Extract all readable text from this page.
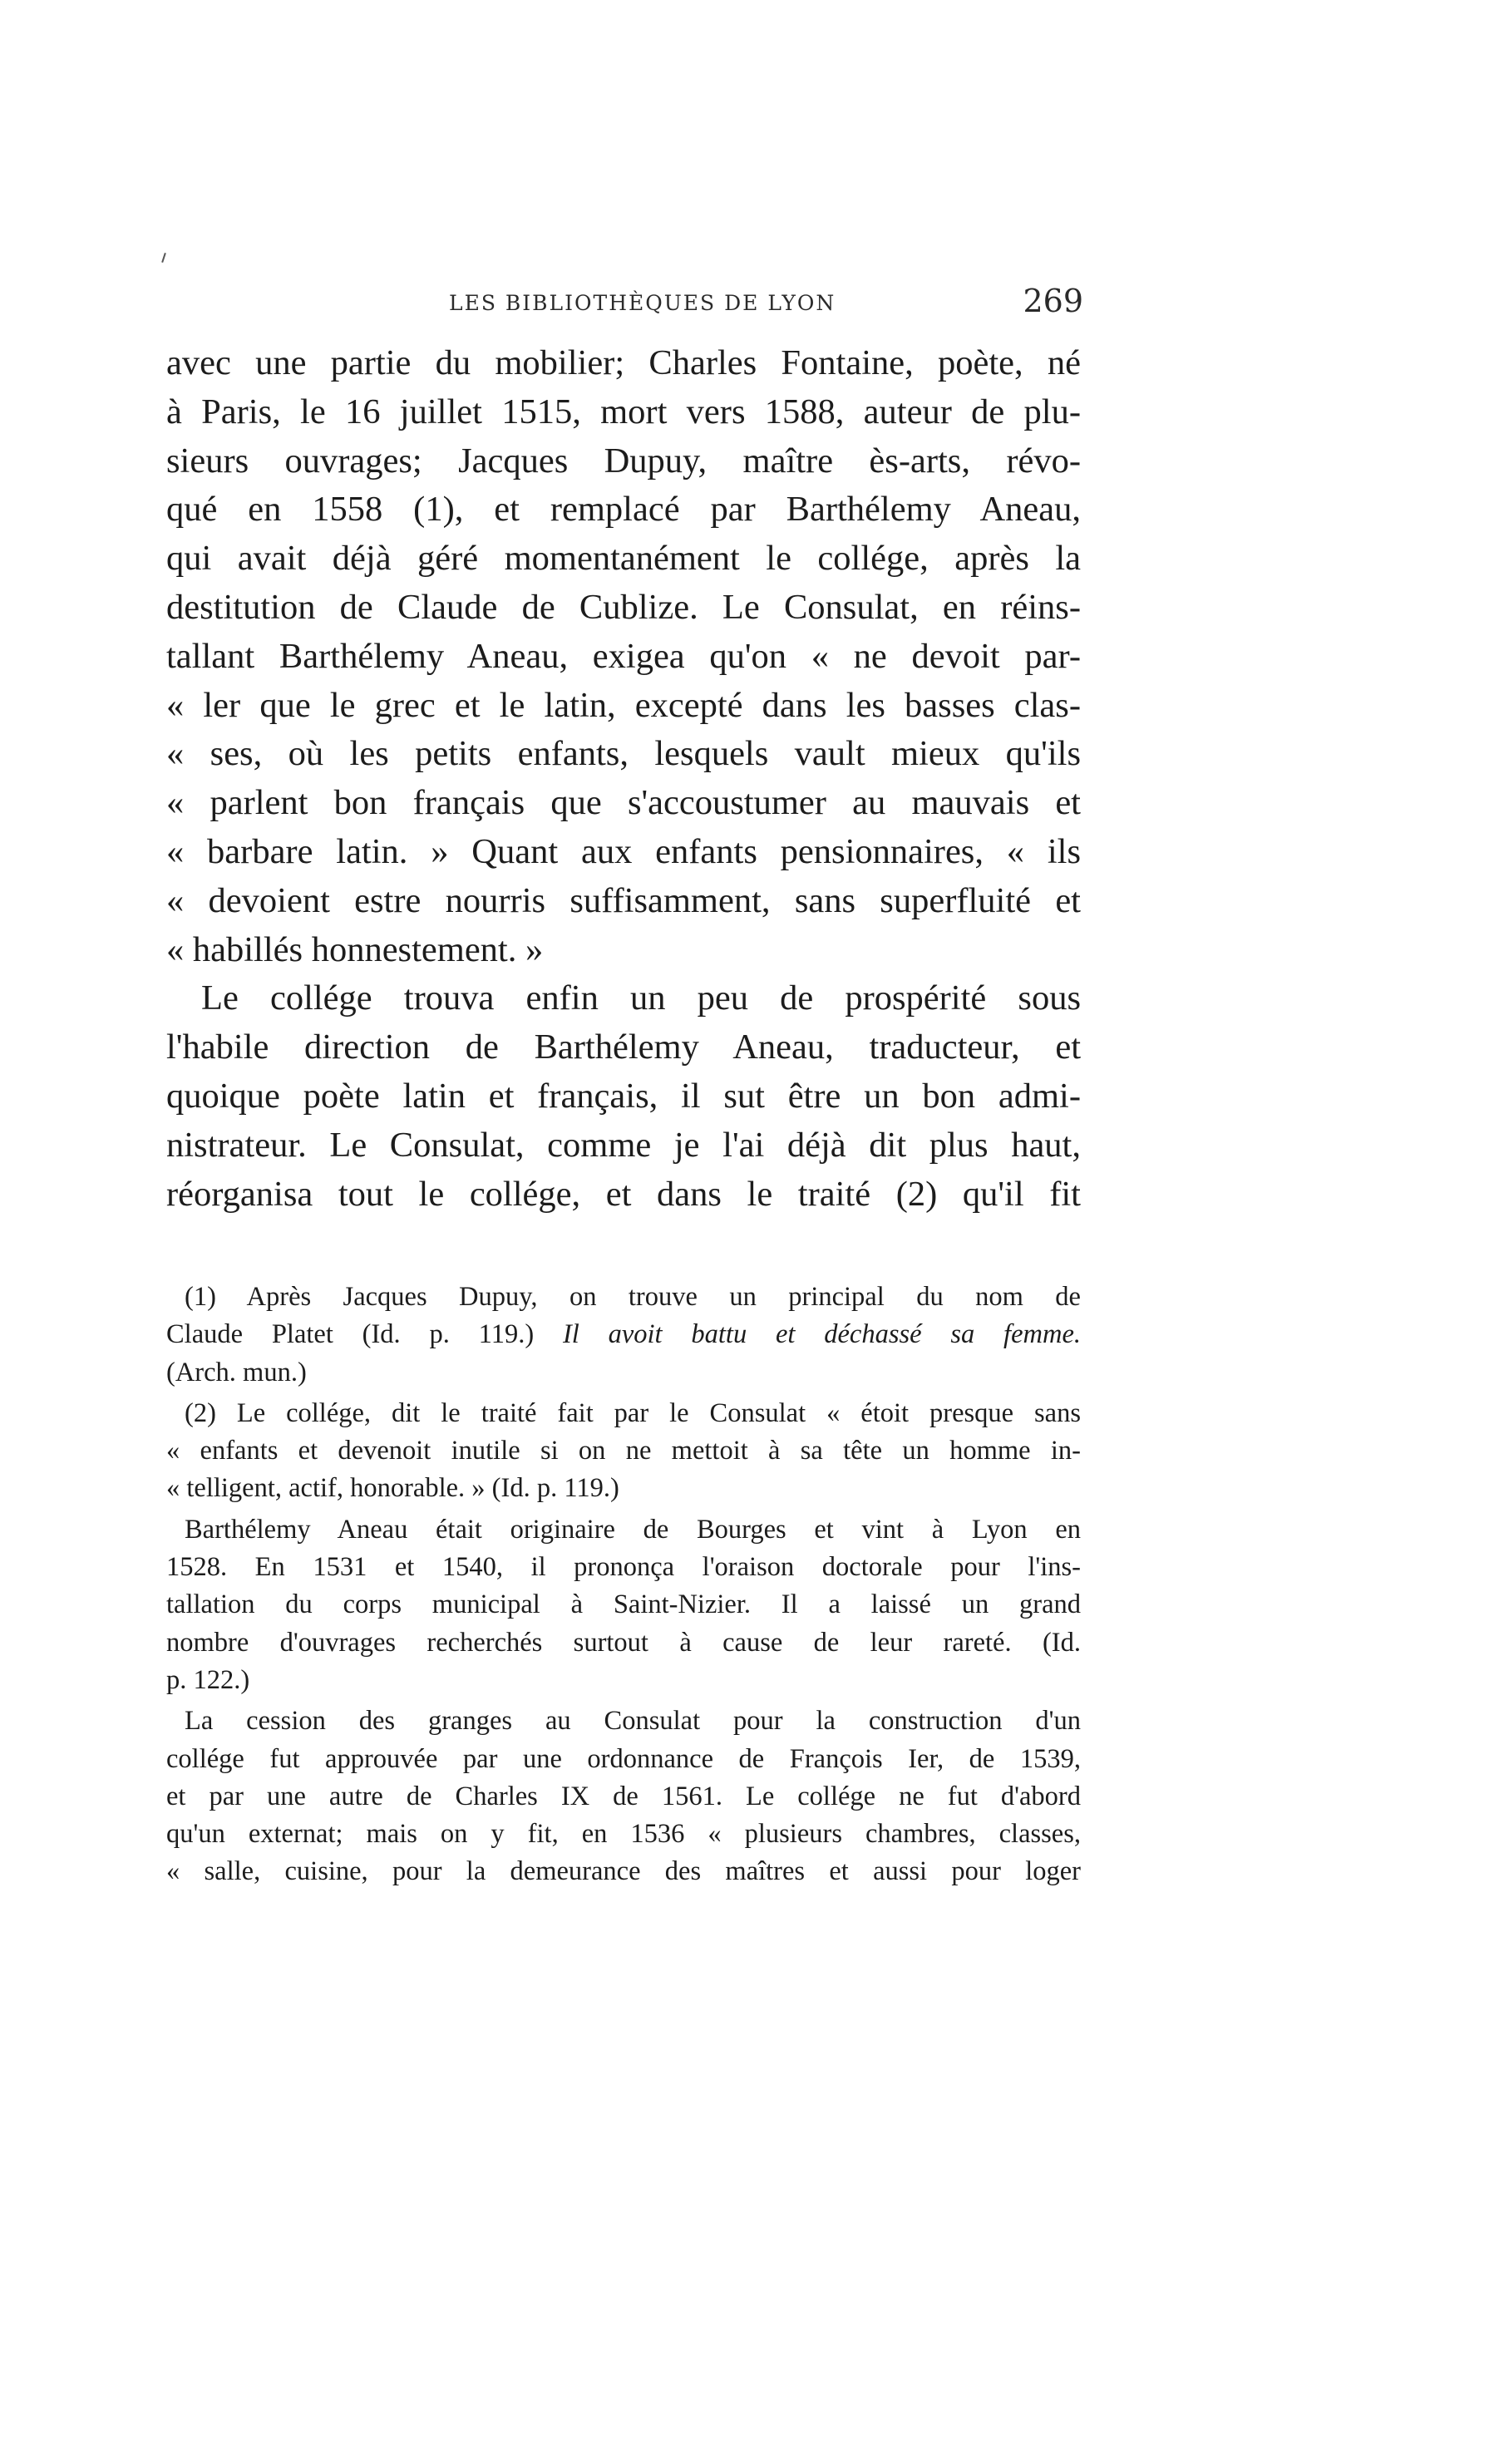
LES BIBLIOTHÈQUES DE LYON	269
avec une partie du mobilier; Charles Fontaine, poète, né
à Paris, le 16 juillet 1515, mort vers 1588, auteur de plu-
sieurs ouvrages; Jacques Dupuy, maître ès-arts, révo-
qué en 1558 (1), et remplacé par Barthélemy Aneau,
qui avait déjà géré momentanément le collége, après la
destitution de Claude de Cublize. Le Consulat, en réins-
tallant Barthélemy Aneau, exigea qu'on « ne devoit par-
« ler que le grec et le latin, excepté dans les basses clas-
« ses, où les petits enfants, lesquels vault mieux qu'ils
« parlent bon français que s'accoustumer au mauvais et
« barbare latin. » Quant aux enfants pensionnaires, « ils
« devoient estre nourris suffisamment, sans superfluité et
« habillés honnestement. »
Le collége trouva enfin un peu de prospérité sous
l'habile direction de Barthélemy Aneau, traducteur, et
quoique poète latin et français, il sut être un bon admi-
nistrateur. Le Consulat, comme je l'ai déjà dit plus haut,
réorganisa tout le collége, et dans le traité (2) qu'il fit
(1) Après Jacques Dupuy, on trouve un principal du nom de
Claude Platet (Id. p. 119.) Il avoit battu et déchassé sa femme.
(Arch. mun.)
(2) Le collége, dit le traité fait par le Consulat « étoit presque sans
« enfants et devenoit inutile si on ne mettoit à sa tête un homme in-
« telligent, actif, honorable. » (Id. p. 119.)
Barthélemy Aneau était originaire de Bourges et vint à Lyon en
1528. En 1531 et 1540, il prononça l'oraison doctorale pour l'ins-
tallation du corps municipal à Saint-Nizier. Il a laissé un grand
nombre d'ouvrages recherchés surtout à cause de leur rareté. (Id.
p. 122.)
La cession des granges au Consulat pour la construction d'un
collége fut approuvée par une ordonnance de François Ier, de 1539,
et par une autre de Charles IX de 1561. Le collége ne fut d'abord
qu'un externat; mais on y fit, en 1536 « plusieurs chambres, classes,
« salle, cuisine, pour la demeurance des maîtres et aussi pour loger
